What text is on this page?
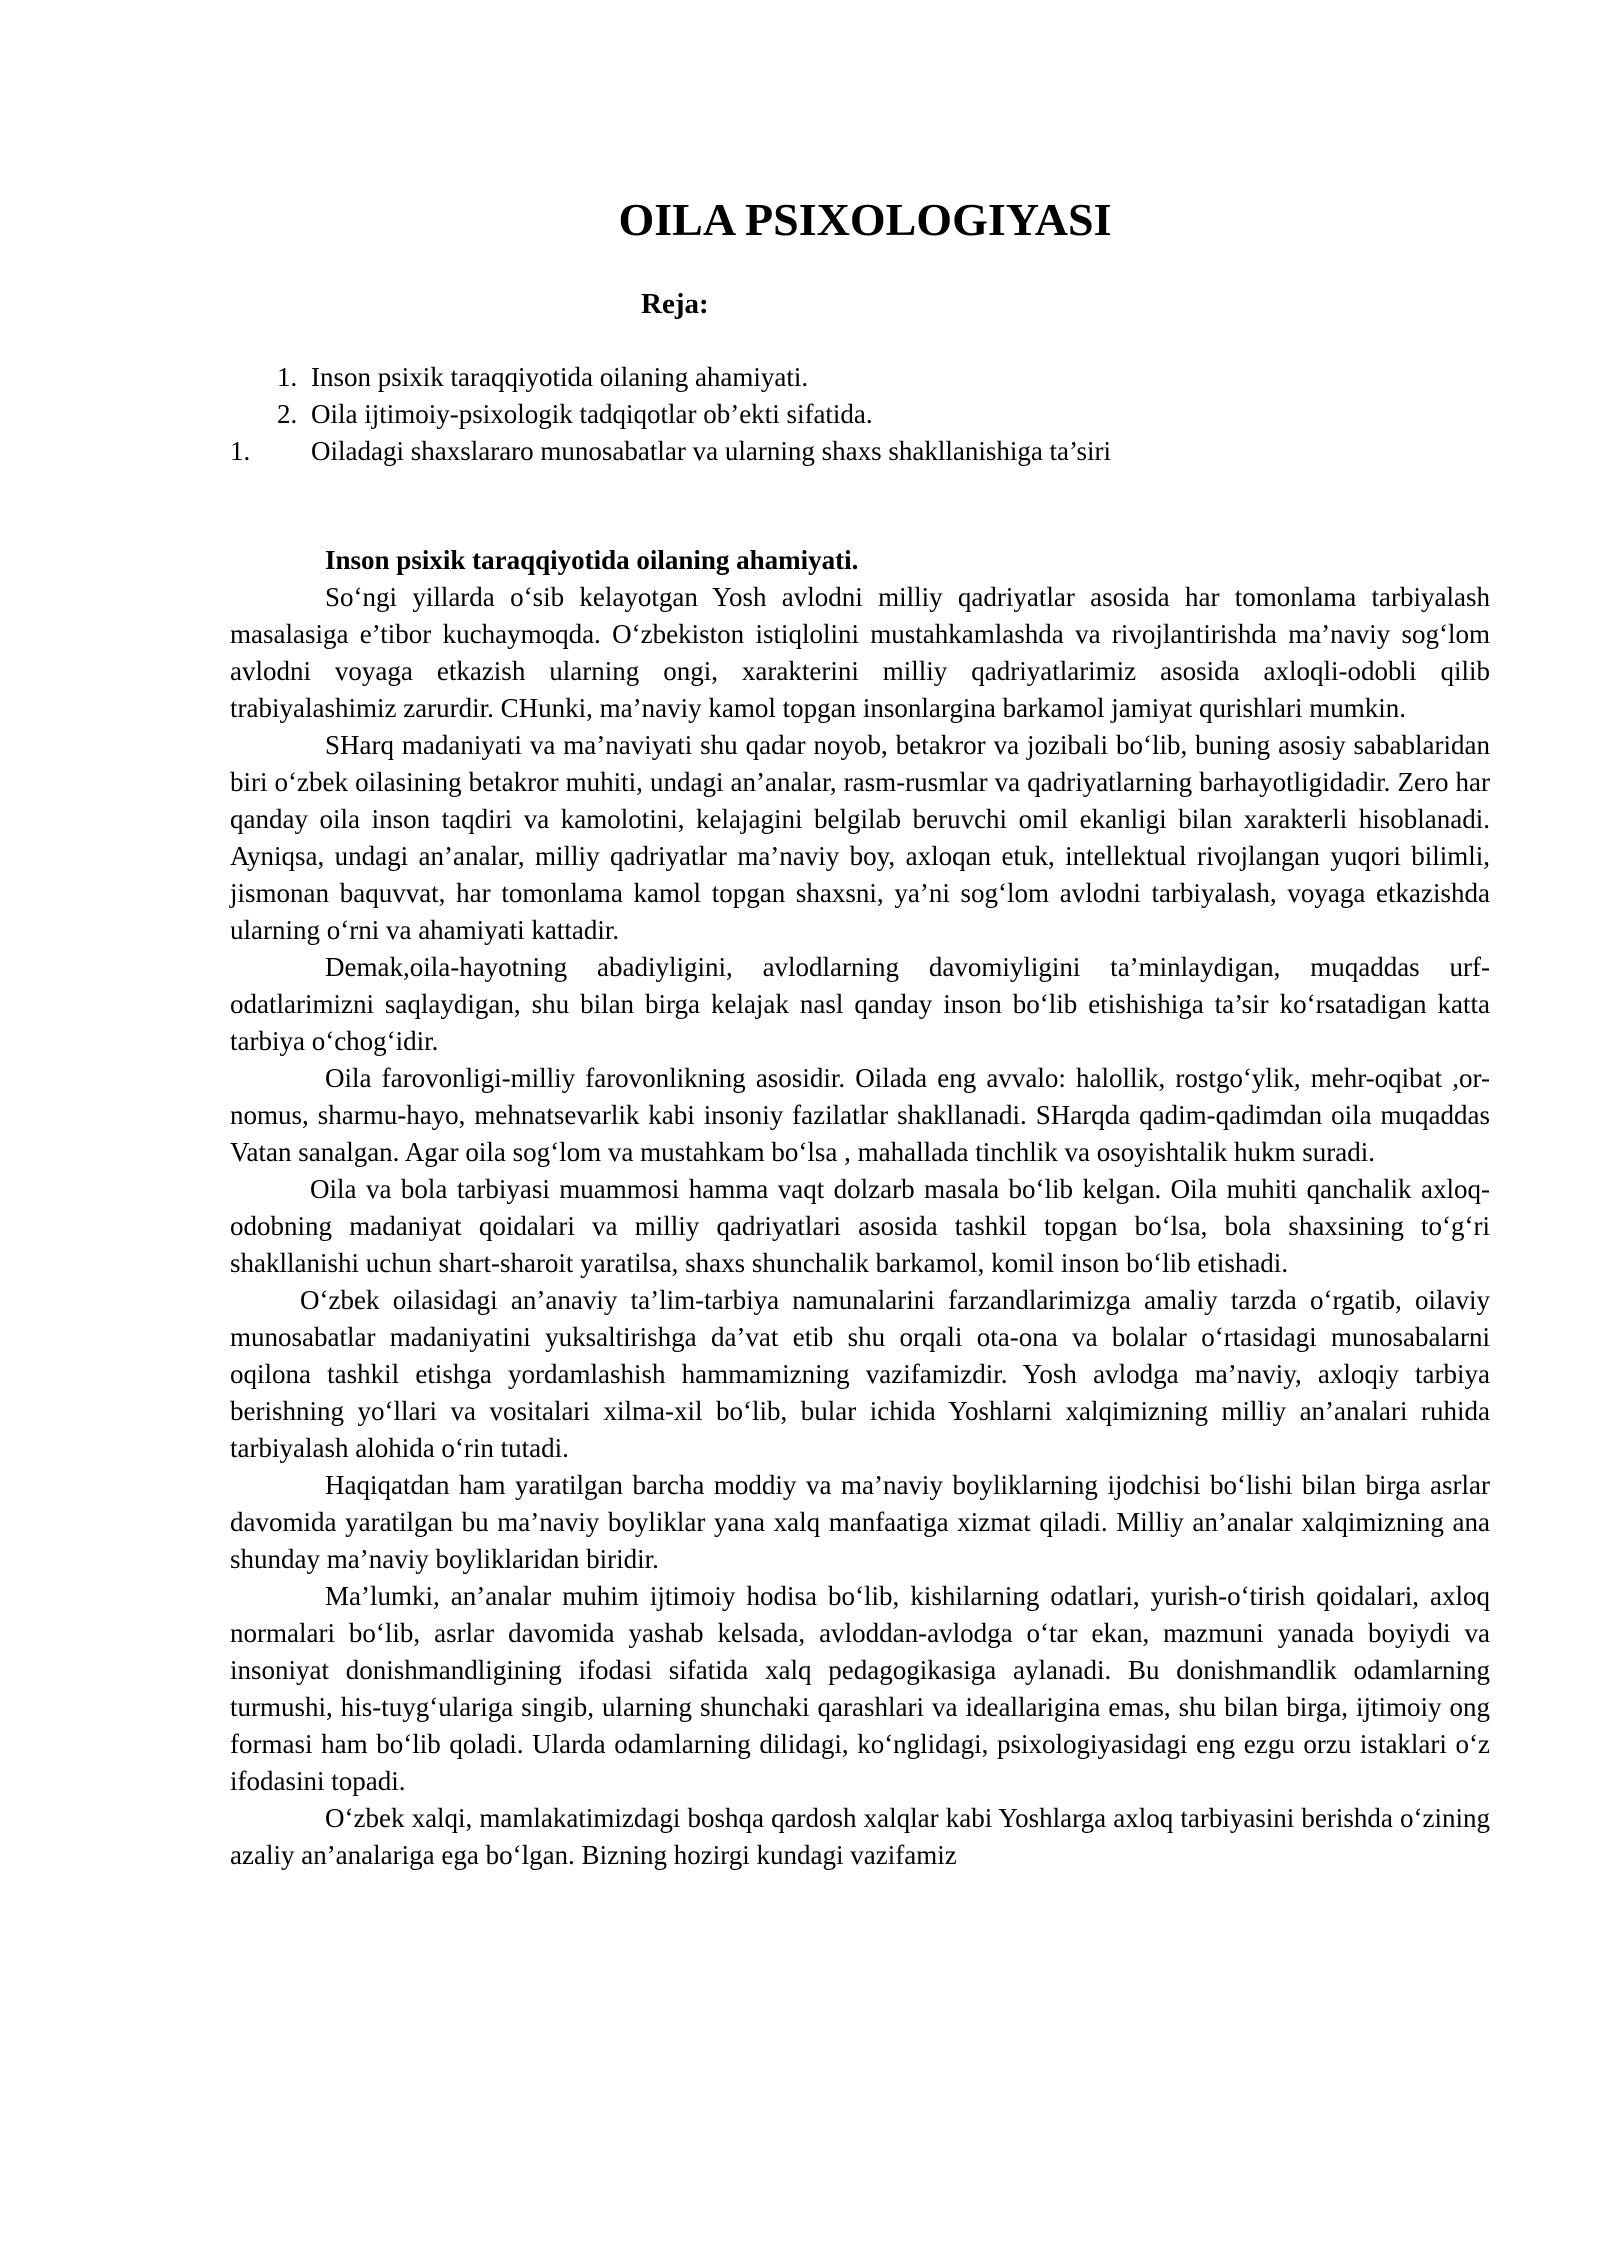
OILA PSIXOLOGIYASI
Reja:
1. Inson psixik taraqqiyotida oilaning ahamiyati.
2. Oila ijtimoiy-psixologik tadqiqotlar ob’ekti sifatida.
1. Oiladagi shaxslararo munosabatlar va ularning shaxs shakllanishiga ta’siri
Inson psixik taraqqiyotida oilaning ahamiyati.

So‘ngi yillarda o‘sib kelayotgan Yosh avlodni milliy qadriyatlar asosida har tomonlama tarbiyalash masalasiga e’tibor kuchaymoqda. O‘zbekiston istiqlolini mustahkamlashda va rivojlantirishda ma’naviy sog‘lom avlodni voyaga etkazish ularning ongi, xarakterini milliy qadriyatlarimiz asosida axloqli-odobli qilib trabiyalashimiz zarurdir. CHunki, ma’naviy kamol topgan insonlargina barkamol jamiyat qurishlari mumkin.

SHarq madaniyati va ma’naviyati shu qadar noyob, betakror va jozibali bo‘lib, buning asosiy sabablaridan biri o‘zbek oilasining betakror muhiti, undagi an’analar, rasm-rusmlar va qadriyatlarning barhayotligidadir. Zero har qanday oila inson taqdiri va kamolotini, kelajagini belgilab beruvchi omil ekanligi bilan xarakterli hisoblanadi. Ayniqsa, undagi an’analar, milliy qadriyatlar ma’naviy boy, axloqan etuk, intellektual rivojlangan yuqori bilimli, jismonan baquvvat, har tomonlama kamol topgan shaxsni, ya’ni sog‘lom avlodni tarbiyalash, voyaga etkazishda ularning o‘rni va ahamiyati kattadir.

Demak,oila-hayotning abadiyligini, avlodlarning davomiyligini ta’minlaydigan, muqaddas urf-odatlarimizni saqlaydigan, shu bilan birga kelajak nasl qanday inson bo‘lib etishishiga ta’sir ko‘rsatadigan katta tarbiya o‘chog‘idir.

Oila farovonligi-milliy farovonlikning asosidir. Oilada eng avvalo: halollik, rostgo‘ylik, mehr-oqibat ,or-nomus, sharmu-hayo, mehnatsevarlik kabi insoniy fazilatlar shakllanadi. SHarqda qadim-qadimdan oila muqaddas Vatan sanalgan. Agar oila sog‘lom va mustahkam bo‘lsa , mahallada tinchlik va osoyishtalik hukm suradi.

Oila va bola tarbiyasi muammosi hamma vaqt dolzarb masala bo‘lib kelgan. Oila muhiti qanchalik axloq-odobning madaniyat qoidalari va milliy qadriyatlari asosida tashkil topgan bo‘lsa, bola shaxsining to‘g‘ri shakllanishi uchun shart-sharoit yaratilsa, shaxs shunchalik barkamol, komil inson bo‘lib etishadi.

O‘zbek oilasidagi an’anaviy ta’lim-tarbiya namunalarini farzandlarimizga amaliy tarzda o‘rgatib, oilaviy munosabatlar madaniyatini yuksaltirishga da’vat etib shu orqali ota-ona va bolalar o‘rtasidagi munosabalarni oqilona tashkil etishga yordamlashish hammamizning vazifamizdir. Yosh avlodga ma’naviy, axloqiy tarbiya berishning yo‘llari va vositalari xilma-xil bo‘lib, bular ichida Yoshlarni xalqimizning milliy an’analari ruhida tarbiyalash alohida o‘rin tutadi.

Haqiqatdan ham yaratilgan barcha moddiy va ma’naviy boyliklarning ijodchisi bo‘lishi bilan birga asrlar davomida yaratilgan bu ma’naviy boyliklar yana xalq manfaatiga xizmat qiladi. Milliy an’analar xalqimizning ana shunday ma’naviy boyliklaridan biridir.

Ma’lumki, an’analar muhim ijtimoiy hodisa bo‘lib, kishilarning odatlari, yurish-o‘tirish qoidalari, axloq normalari bo‘lib, asrlar davomida yashab kelsada, avloddan-avlodga o‘tar ekan, mazmuni yanada boyiydi va insoniyat donishmandligining ifodasi sifatida xalq pedagogikasiga aylanadi. Bu donishmandlik odamlarning turmushi, his-tuyg‘ulariga singib, ularning shunchaki qarashlari va ideallarigina emas, shu bilan birga, ijtimoiy ong formasi ham bo‘lib qoladi. Ularda odamlarning dilidagi, ko‘nglidagi, psixologiyasidagi eng ezgu orzu istaklari o‘z ifodasini topadi.

O‘zbek xalqi, mamlakatimizdagi boshqa qardosh xalqlar kabi Yoshlarga axloq tarbiyasini berishda o‘zining azaliy an’analariga ega bo‘lgan. Bizning hozirgi kundagi vazifamiz
